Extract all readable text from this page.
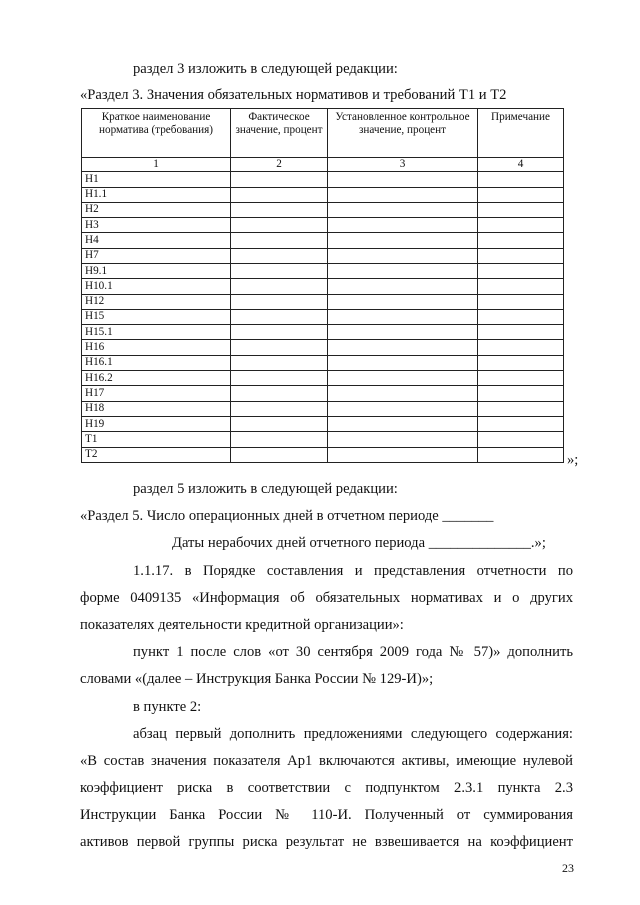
раздел 3 изложить в следующей редакции:
«Раздел 3. Значения обязательных нормативов и требований Т1 и Т2
Краткое наименование норматива (требования)	Фактическое значение, процент	Установленное контрольное значение, процент	Примечание
1	2	3	4
Н1			
Н1.1			
Н2			
Н3			
Н4			
Н7			
Н9.1			
Н10.1			
Н12			
Н15			
Н15.1			
Н16			
Н16.1			
Н16.2			
Н17			
Н18			
Н19			
Т1			
Т2				»;
раздел 5 изложить в следующей редакции:
«Раздел 5. Число операционных дней в отчетном периоде _______
Даты нерабочих дней отчетного периода ______________.»;
1.1.17. в Порядке составления и представления отчетности по
форме 0409135 «Информация об обязательных нормативах и о других
показателях деятельности кредитной организации»:
пункт 1 после слов «от 30 сентября 2009 года № 57)» дополнить
словами «(далее – Инструкция Банка России № 129-И)»;
в пункте 2:
абзац первый дополнить предложениями следующего содержания:
«В состав значения показателя Ар1 включаются активы, имеющие нулевой
коэффициент риска в соответствии с подпунктом 2.3.1 пункта 2.3
Инструкции Банка России № 110-И. Полученный от суммирования
активов первой группы риска результат не взвешивается на коэффициент
23
